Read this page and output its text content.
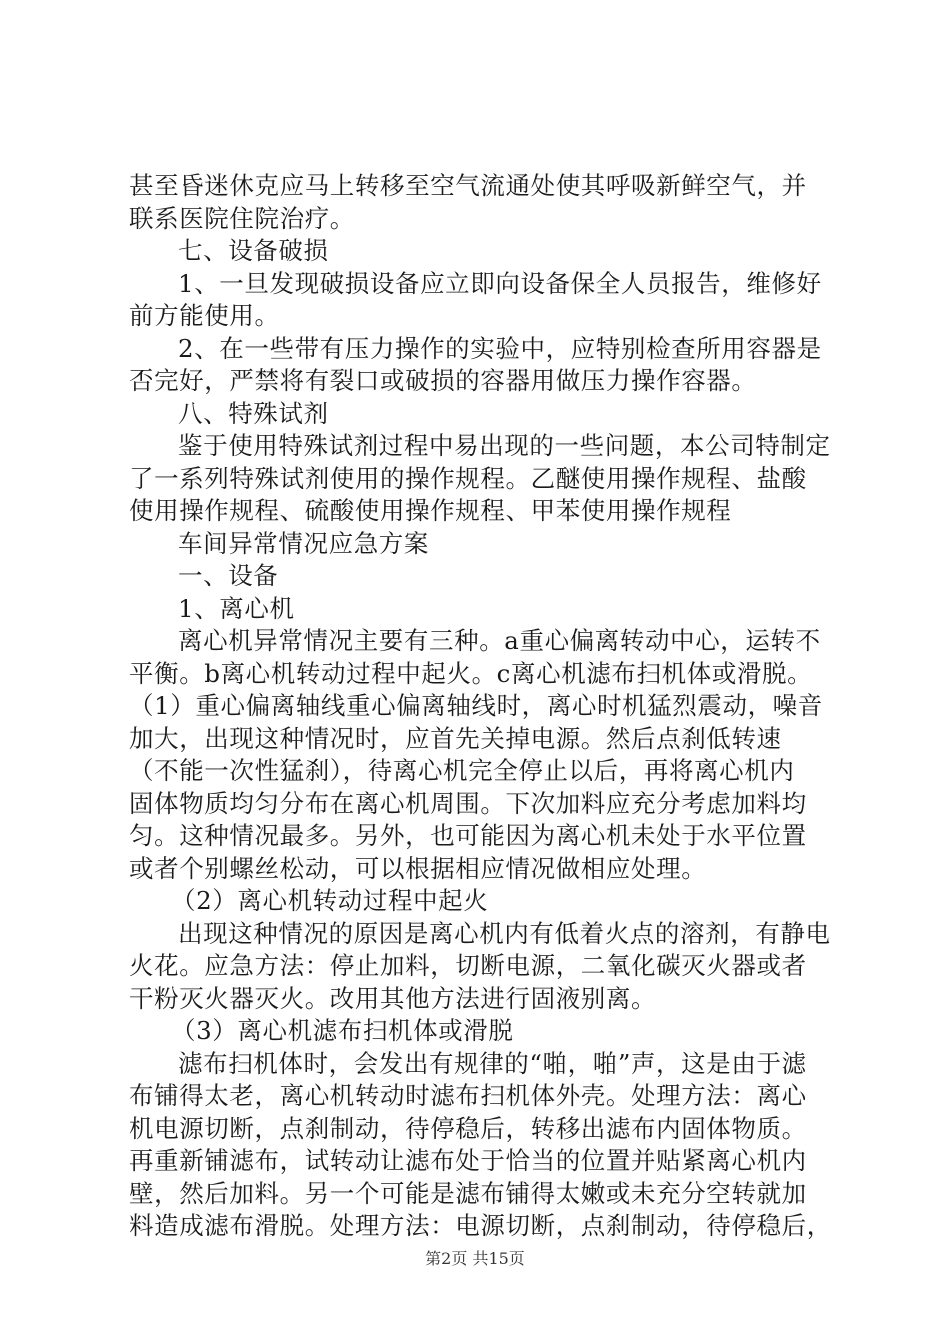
甚至昏迷休克应马上转移至空气流通处使其呼吸新鲜空气，并
联系医院住院治疗。
七、设备破损
1、一旦发现破损设备应立即向设备保全人员报告，维修好
前方能使用。
2、在一些带有压力操作的实验中，应特别检查所用容器是
否完好，严禁将有裂口或破损的容器用做压力操作容器。
八、特殊试剂
鉴于使用特殊试剂过程中易出现的一些问题，本公司特制定
了一系列特殊试剂使用的操作规程。乙醚使用操作规程、盐酸
使用操作规程、硫酸使用操作规程、甲苯使用操作规程
车间异常情况应急方案
一、设备
1、离心机
离心机异常情况主要有三种。a重心偏离转动中心，运转不
平衡。b离心机转动过程中起火。c离心机滤布扫机体或滑脱。
（1）重心偏离轴线重心偏离轴线时，离心时机猛烈震动，噪音
加大，出现这种情况时，应首先关掉电源。然后点刹低转速
（不能一次性猛刹），待离心机完全停止以后，再将离心机内
固体物质均匀分布在离心机周围。下次加料应充分考虑加料均
匀。这种情况最多。另外，也可能因为离心机未处于水平位置
或者个别螺丝松动，可以根据相应情况做相应处理。
（2）离心机转动过程中起火
出现这种情况的原因是离心机内有低着火点的溶剂，有静电
火花。应急方法：停止加料，切断电源，二氧化碳灭火器或者
干粉灭火器灭火。改用其他方法进行固液别离。
（3）离心机滤布扫机体或滑脱
滤布扫机体时，会发出有规律的“啪，啪”声，这是由于滤
布铺得太老，离心机转动时滤布扫机体外壳。处理方法：离心
机电源切断，点刹制动，待停稳后，转移出滤布内固体物质。
再重新铺滤布，试转动让滤布处于恰当的位置并贴紧离心机内
壁，然后加料。另一个可能是滤布铺得太嫩或未充分空转就加
料造成滤布滑脱。处理方法：电源切断，点刹制动，待停稳后，
第2页 共15页
